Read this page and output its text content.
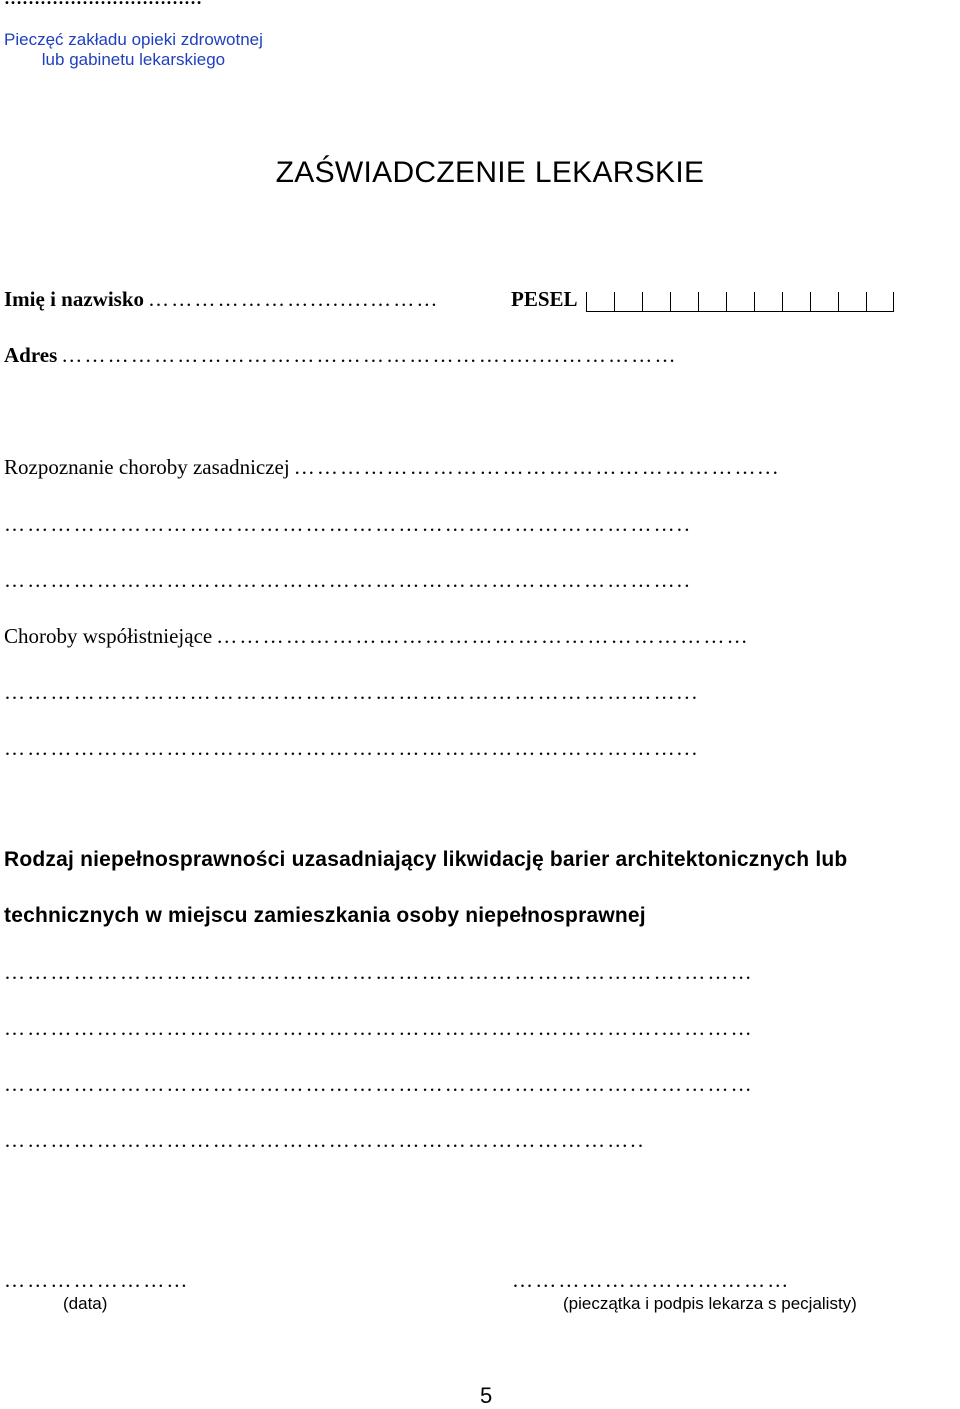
Pieczęć zakładu opieki zdrowotnej
lub gabinetu lekarskiego
ZAŚWIADCZENIE LEKARSKIE
Imię i nazwisko …………………........………	PESEL
Adres …………………………………………………........……………
Rozpoznanie choroby zasadniczej ……………………………………………………...
……………………………………………………………………………..
……………………………………………………………………………..
Choroby współistniejące ……………………………………………………………
……………………………………………………………………………...
……………………………………………………………………………...
Rodzaj niepełnosprawności uzasadniający likwidację barier architektonicznych lub
technicznych w miejscu zamieszkania osoby niepełnosprawnej
…………………………………………………………………………….………
………………………………………………………………………….…………
……………………………………………………………………….……………
………………………………………………………………………..
……………………
(data)
………………………………
(pieczątka i podpis lekarza s pecjalisty)
5
